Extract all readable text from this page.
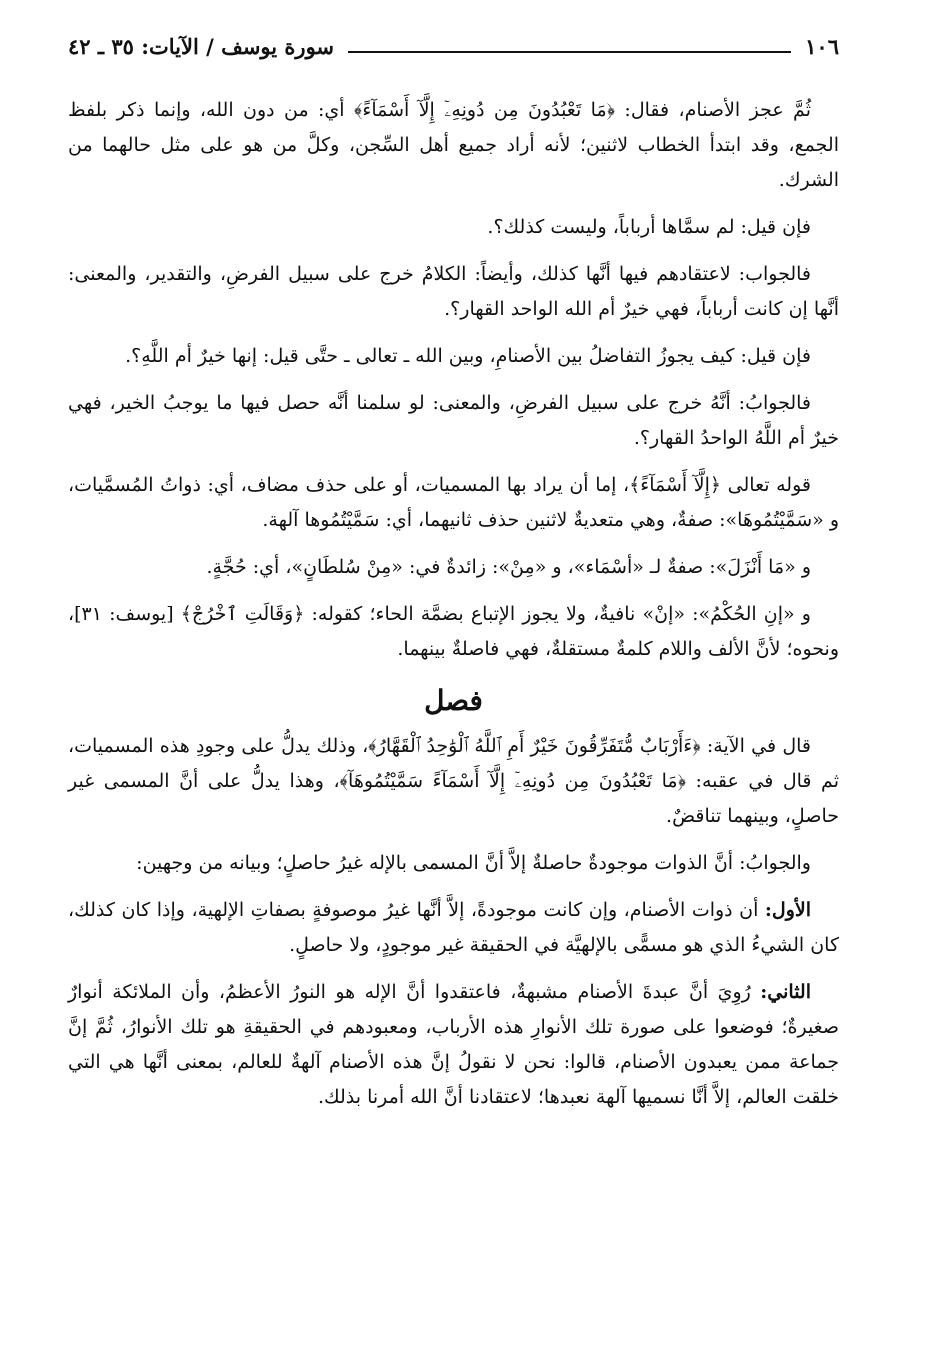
١٠٦
سورة يوسف / الآيات: ٣٥ ـ ٤٢

ثُمَّ عجز الأصنام، فقال: ﴿مَا تَعْبُدُونَ مِن دُونِهِۦٓ إِلَّآ أَسْمَآءً﴾ أي: من دون الله، وإنما ذكر بلفظ الجمع، وقد ابتدأ الخطاب لاثنين؛ لأنه أراد جميع أهل السِّجن، وكلَّ من هو على مثل حالهما من الشرك.

فإن قيل: لم سمَّاها أرباباً، وليست كذلك؟.

فالجواب: لاعتقادهم فيها أنَّها كذلك، وأيضاً: الكلامُ خرج على سبيل الفرضِ، والتقدير، والمعنى: أنَّها إن كانت أرباباً، فهي خيرٌ أم الله الواحد القهار؟.

فإن قيل: كيف يجوزُ التفاضلُ بين الأصنامِ، وبين الله ـ تعالى ـ حتَّى قيل: إنها خيرٌ أم اللَّهِ؟.

فالجوابُ: أنَّهُ خرج على سبيل الفرضِ، والمعنى: لو سلمنا أنَّه حصل فيها ما يوجبُ الخير، فهي خيرٌ أم اللَّهُ الواحدُ القهار؟.

قوله تعالى ﴿إِلَّآ أَسْمَآءً﴾، إما أن يراد بها المسميات، أو على حذف مضاف، أي: ذواتُ المُسمَّيات، و «سَمَّيْتُمُوهَا»: صفةٌ، وهي متعديةٌ لاثنين حذف ثانيهما، أي: سَمَّيْتُمُوها آلهة.

و «مَا أَنْزَلَ»: صفةٌ لـ «أسْمَاء»، و «مِنْ»: زائدةٌ في: «مِنْ سُلطَانٍ»، أي: حُجَّةٍ.

و «إنِ الحُكْمُ»: «إنْ» نافيةٌ، ولا يجوز الإتباع بضمَّة الحاء؛ كقوله: ﴿وَقَالَتِ ٱخْرُجْ﴾ [يوسف: ٣١]، ونحوه؛ لأنَّ الألف واللام كلمةٌ مستقلةٌ، فهي فاصلةٌ بينهما.

فصل

قال في الآية: ﴿ءَأَرْبَابٌ مُّتَفَرِّقُونَ خَيْرٌ أَمِ ٱللَّهُ ٱلْوَٰحِدُ ٱلْقَهَّارُ﴾، وذلك يدلُّ على وجودِ هذه المسميات، ثم قال في عقبه: ﴿مَا تَعْبُدُونَ مِن دُونِهِۦٓ إِلَّآ أَسْمَآءً سَمَّيْتُمُوهَآ﴾، وهذا يدلُّ على أنَّ المسمى غير حاصلٍ، وبينهما تناقضٌ.

والجوابُ: أنَّ الذوات موجودةٌ حاصلةٌ إلاَّ أنَّ المسمى بالإله غيرُ حاصلٍ؛ وبيانه من وجهين:

الأول: أن ذوات الأصنام، وإن كانت موجودةً، إلاَّ أنَّها غيرُ موصوفةٍ بصفاتِ الإلهية، وإذا كان كذلك، كان الشيءُ الذي هو مسمًّى بالإلهيَّة في الحقيقة غير موجودٍ، ولا حاصلٍ.

الثاني: رُوِيَ أنَّ عبدةَ الأصنام مشبهةٌ، فاعتقدوا أنَّ الإله هو النورُ الأعظمُ، وأن الملائكة أنوارٌ صغيرةٌ؛ فوضعوا على صورة تلك الأنوارِ هذه الأرباب، ومعبودهم في الحقيقةِ هو تلك الأنوارُ، ثُمَّ إنَّ جماعة ممن يعبدون الأصنام، قالوا: نحن لا نقولُ إنَّ هذه الأصنام آلهةٌ للعالم، بمعنى أنَّها هي التي خلقت العالم، إلاَّ أنَّا نسميها آلهة نعبدها؛ لاعتقادنا أنَّ الله أمرنا بذلك.
